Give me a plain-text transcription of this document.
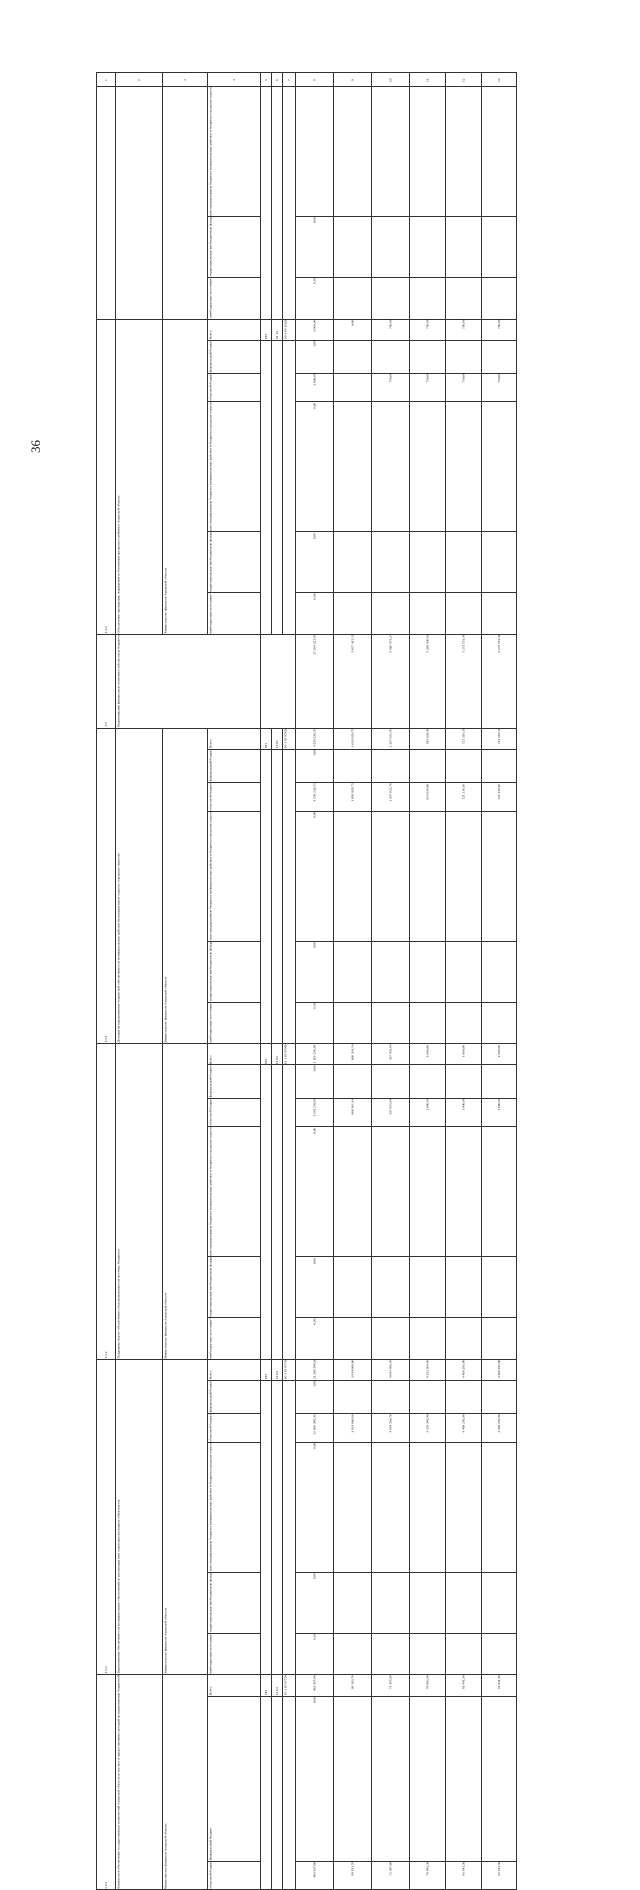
36
1	2	3	4	5	6	7	8	9	10	11	12	13
			консолидированные бюджеты муниципальных районов и бюджеты городских округов									
			территориальные внебюджетные фонды				0,00					
			внебюджетные источники*				0,00					
1.4.2	Обеспечение проведения, подведения и обновления кредитного рейтинга Амурской области	Министерство финансов Амурской области	Всего	015	01 13	10 1 04 11620	3 000,00	0,00	750,00	750,00	750,00	750,00
			федеральный бюджет				0,00					
			областной бюджет				3 000,00		750,00	750,00	750,00	750,00
			консолидированные бюджеты муниципальных районов и бюджеты городских округов				0,00					
			территориальные внебюджетные фонды				0,00					
			внебюджетные источники*				0,00					
1.5	Выравнивание финансовых возможностей местных бюджетов						27 264 323,83	5 657 415,19	5 810 873,24	5 288 930,60	5 273 551,40	5 273 551,40
1.5.1	Дотация на выравнивание бюджетной обеспеченности муниципальных районов (муниципальных округов, городских округов)	Министерство финансов Амурской области	Всего	015	14 01	10 1 05 87020	4 559 236,55	1 093 929,75	1 207 025,70	815 638,90	721 318,10	721 318,10
			федеральный бюджет				0,00					
			областной бюджет				4 559 236,55	1 093 929,75	1 207 025,70	815 638,90	721 318,10	721 318,10
			консолидированные бюджеты муниципальных районов и бюджеты городских округов				0,00					
			территориальные внебюджетные фонды				0,00					
			внебюджетные источники*				0,00					
1.5.2	Поддержка мер по обеспечению сбалансированности местных бюджетов	Министерство финансов Амурской области	Всего	015	14 02	10 1 05 87040	1 101 256,98	660 301,14	437 955,84	1 000,00	1 000,00	1 000,00
			федеральный бюджет				0,00					
			областной бюджет				1 101 256,98	660 301,14	437 955,84	1 000,00	1 000,00	1 000,00
			консолидированные бюджеты муниципальных районов и бюджеты городских округов				0,00					
			территориальные внебюджетные фонды				0,00					
			внебюджетные источники*				0,00					
1.5.3	Выравнивание обеспеченности муниципальных образований по реализации ими отдельных расходных обязательств	Министерство финансов Амурской области	Всего	015	14 03	10 1 05 87710	21 200 399,30	3 814 000,60	4 094 506,70	4 353 308,40	4 469 291,80	4 469 291,80
			федеральный бюджет				0,00					
			областной бюджет				21 200 399,30	3 814 000,60	4 094 506,70	4 353 308,40	4 469 291,80	4 469 291,80
			консолидированные бюджеты муниципальных районов и бюджеты городских округов				0,00					
			территориальные внебюджетные фонды				0,00					
			внебюджетные источники*				0,00					
1.5.4	Финансовое обеспечение государственных полномочий Амурской области по расчету и предоставлению дотаций на выравнивание бюджетной	Министерство финансов Амурской области	Всего	015	14 03	10 1 05 87720	403 437,00	89 183,70	71 387,00	78 983,30	81 941,50	81 941,50
			федеральный бюджет				0,00					
			областной бюджет				403 437,00	89 183,70	71 387,00	78 983,30	81 941,50	81 941,50
